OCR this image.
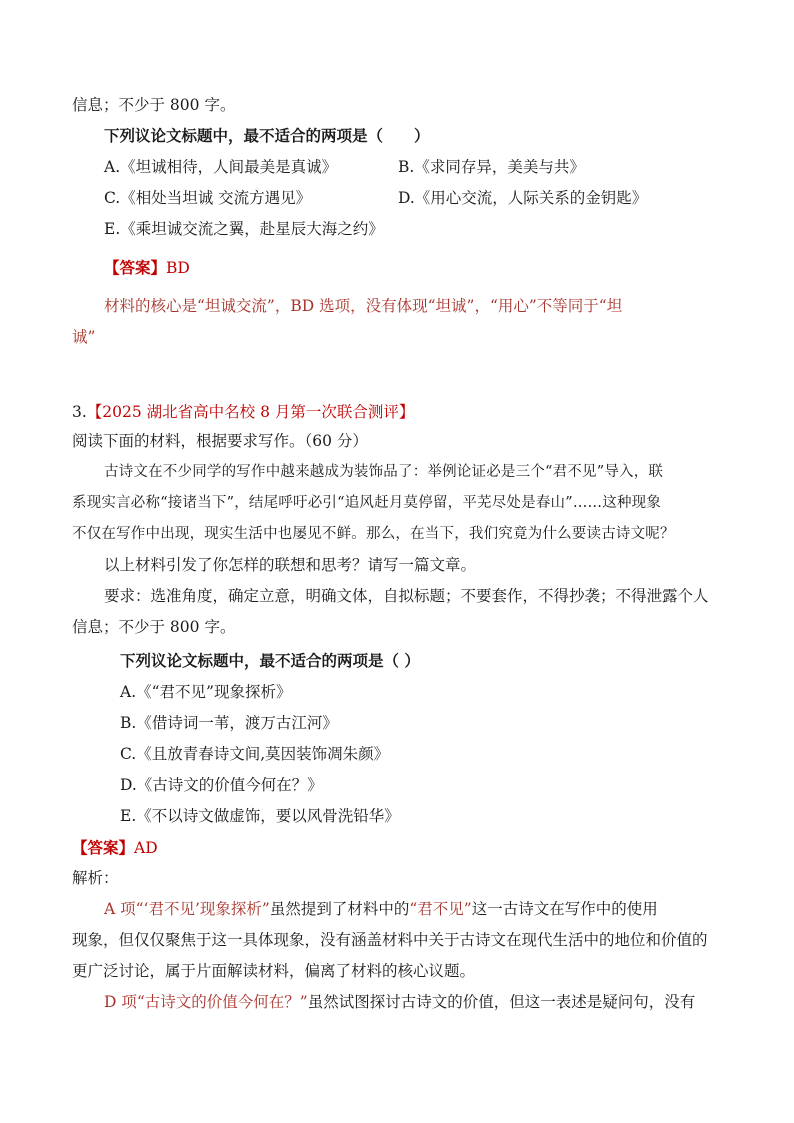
信息；不少于 800 字。
下列议论文标题中，最不适合的两项是（　　）
A.《坦诚相待，人间最美是真诚》	B.《求同存异，美美与共》
C.《相处当坦诚 交流方遇见》	D.《用心交流，人际关系的金钥匙》
E.《乘坦诚交流之翼，赴星辰大海之约》
【答案】BD
材料的核心是“坦诚交流”，BD 选项，没有体现“坦诚”，“用心”不等同于“坦
诚”
3.【2025 湖北省高中名校 8 月第一次联合测评】
阅读下面的材料，根据要求写作。（60 分）
古诗文在不少同学的写作中越来越成为装饰品了：举例论证必是三个“君不见”导入，联
系现实言必称“接诸当下”，结尾呼吁必引“追风赶月莫停留，平芜尽处是春山”……这种现象
不仅在写作中出现，现实生活中也屡见不鲜。那么，在当下，我们究竟为什么要读古诗文呢？
以上材料引发了你怎样的联想和思考？请写一篇文章。
要求：选准角度，确定立意，明确文体，自拟标题；不要套作，不得抄袭；不得泄露个人
信息；不少于 800 字。
下列议论文标题中，最不适合的两项是（ ）
A.《“君不见”现象探析》
B.《借诗词一苇，渡万古江河》
C.《且放青春诗文间,莫因装饰凋朱颜》
D.《古诗文的价值今何在？》
E.《不以诗文做虚饰，要以风骨洗铅华》
【答案】AD
解析：
A 项“‘君不见’现象探析”虽然提到了材料中的“君不见”这一古诗文在写作中的使用
现象，但仅仅聚焦于这一具体现象，没有涵盖材料中关于古诗文在现代生活中的地位和价值的
更广泛讨论，属于片面解读材料，偏离了材料的核心议题。
D 项“古诗文的价值今何在？”虽然试图探讨古诗文的价值，但这一表述是疑问句，没有
